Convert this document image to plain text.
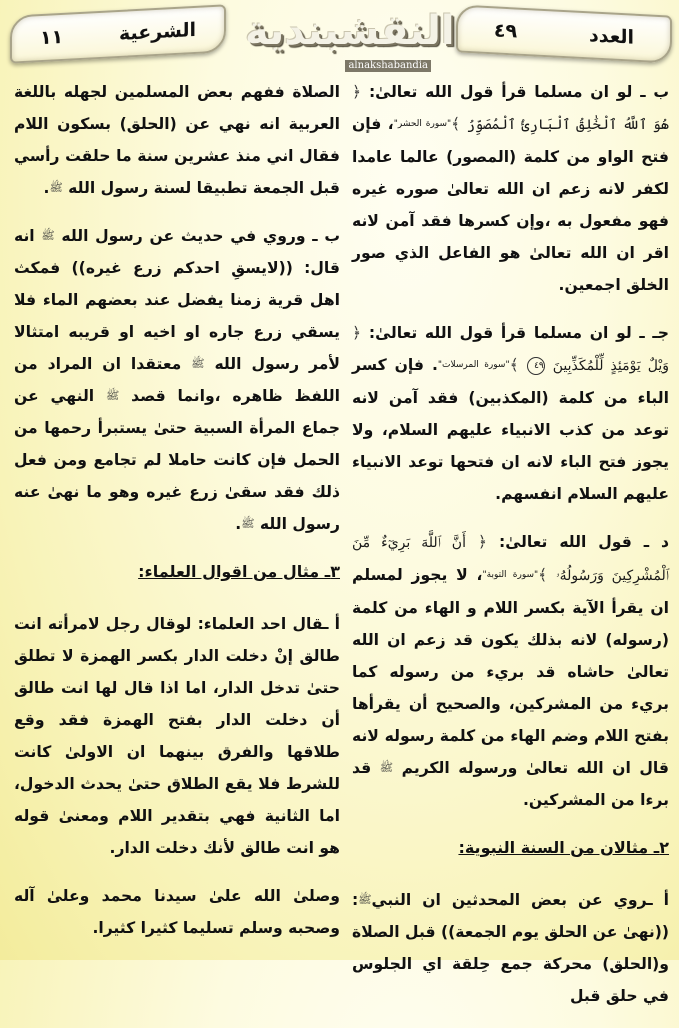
الشرعية
١١	النقشبندية
alnakshabandia
العدد
٤٩

ب ـ لو ان مسلما قرأ قول الله تعالىٰ: ﴿ هُوَ ٱللَّهُ ٱلْخَٰلِقُ ٱلْبَارِئُ ٱلْمُصَوِّرُ ﴾$^{"سورة الحشر"}$، فإن فتح الواو من كلمة (المصور) عالما عامدا لكفر لانه زعم ان الله تعالىٰ صوره غيره فهو مفعول به ،وإن كسرها فقد آمن لانه اقر ان الله تعالىٰ هو الفاعل الذي صور الخلق اجمعين.

جـ ـ لو ان مسلما قرأ قول الله تعالىٰ: ﴿ وَيْلٌ يَوْمَئِذٍ لِّلْمُكَذِّبِينَ ٤٩ ﴾$^{"سورة المرسلات"}$. فإن كسر الباء من كلمة (المكذبين) فقد آمن لانه توعد من كذب الانبياء عليهم السلام، ولا يجوز فتح الباء لانه ان فتحها توعد الانبياء عليهم السلام انفسهم.

د ـ قول الله تعالىٰ: ﴿ أَنَّ ٱللَّهَ بَرِيٓءٌ مِّنَ ٱلْمُشْرِكِينَ وَرَسُولُهُۥ ﴾$^{"سورة التوبة"}$، لا يجوز لمسلم ان يقرأ الآية بكسر اللام و الهاء من كلمة (رسوله) لانه بذلك يكون قد زعم ان الله تعالىٰ حاشاه قد بريء من رسوله كما بريء من المشركين، والصحيح أن يقرأها بفتح اللام وضم الهاء من كلمة رسوله لانه قال ان الله تعالىٰ ورسوله الكريم $^ﷺ$ قد برءا من المشركين.

٢ـ مثالان من السنة النبوية:

أ ـروي عن بعض المحدثين ان النبي$^ﷺ$:((نهىٰ عن الحلق يوم الجمعة)) قبل الصلاة و(الحلق) محركة جمع حِلقة اي الجلوس في حلق قبل

الصلاة ففهم بعض المسلمين لجهله باللغة العربية انه نهي عن (الحلق) بسكون اللام فقال اني منذ عشرين سنة ما حلقت رأسي قبل الجمعة تطبيقا لسنة رسول الله $^ﷺ$.

ب ـ وروي في حديث عن رسول الله $^ﷺ$ انه قال: ((لايسقِ احدكم زرع غيره)) فمكث اهل قرية زمنا يفضل عند بعضهم الماء فلا يسقي زرع جاره او اخيه او قريبه امتثالا لأمر رسول الله $^ﷺ$ معتقدا ان المراد من اللفظ ظاهره ،وانما قصد $^ﷺ$ النهي عن جماع المرأة السبية حتىٰ يستبرأ رحمها من الحمل فإن كانت حاملا لم تجامع ومن فعل ذلك فقد سقىٰ زرع غيره وهو ما نهىٰ عنه رسول الله $^ﷺ$.

٣ـ مثال من اقوال العلماء:

أ ـقال احد العلماء: لوقال رجل لامرأته انت طالق إنْ دخلت الدار بكسر الهمزة لا تطلق حتىٰ تدخل الدار، اما اذا قال لها انت طالق أن دخلت الدار بفتح الهمزة فقد وقع طلاقها والفرق بينهما ان الاولىٰ كانت للشرط فلا يقع الطلاق حتىٰ يحدث الدخول، اما الثانية فهي بتقدير اللام ومعنىٰ قوله هو انت طالق لأنك دخلت الدار.

وصلىٰ الله علىٰ سيدنا محمد وعلىٰ آله وصحبه وسلم تسليما كثيرا كثيرا.
